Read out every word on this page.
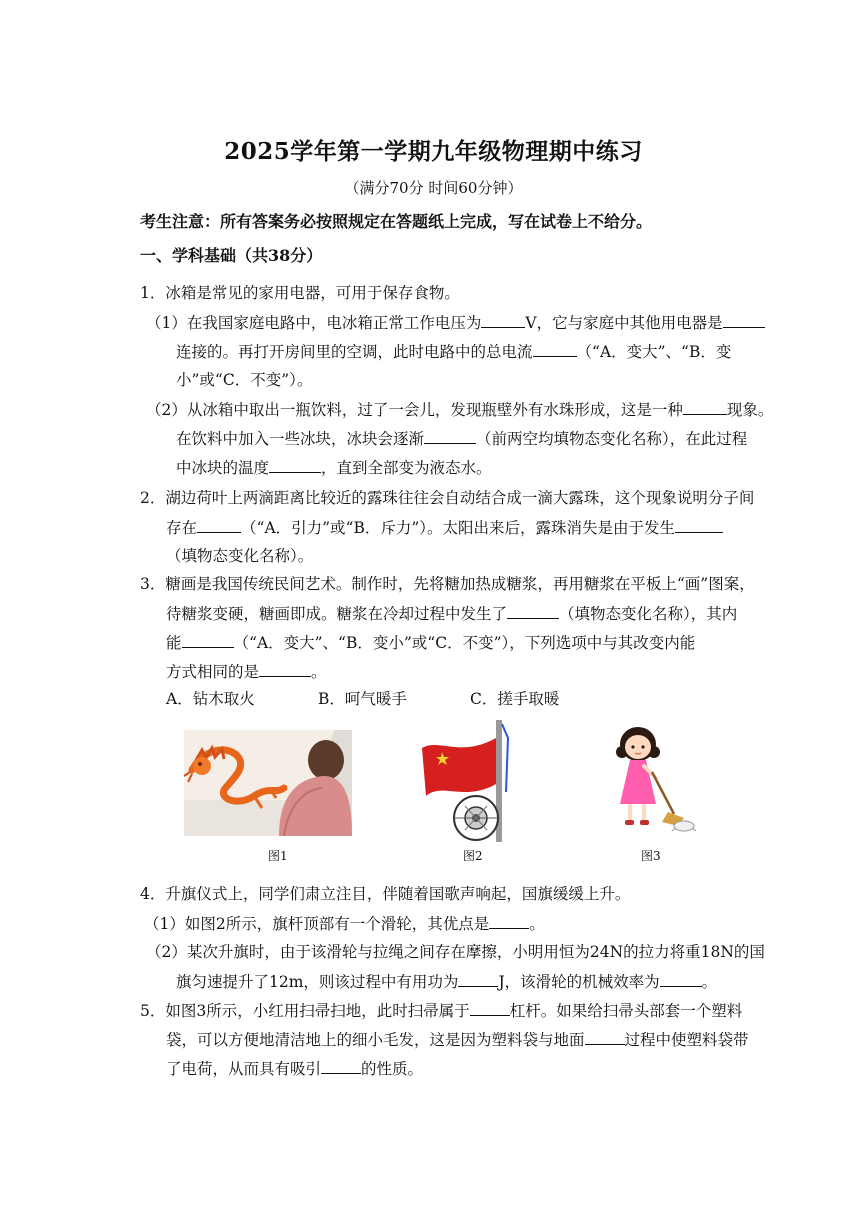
2025学年第一学期九年级物理期中练习
（满分70分 时间60分钟）
考生注意：所有答案务必按照规定在答题纸上完成，写在试卷上不给分。
一、学科基础（共38分）
1．冰箱是常见的家用电器，可用于保存食物。
（1）在我国家庭电路中，电冰箱正常工作电压为	V，它与家庭中其他用电器是
连接的。再打开房间里的空调，此时电路中的总电流	（“A．变大”、“B．变
小”或“C．不变”）。
（2）从冰箱中取出一瓶饮料，过了一会儿，发现瓶壁外有水珠形成，这是一种	现象。
在饮料中加入一些冰块，冰块会逐渐	（前两空均填物态变化名称），在此过程
中冰块的温度	，直到全部变为液态水。
2．湖边荷叶上两滴距离比较近的露珠往往会自动结合成一滴大露珠，这个现象说明分子间
存在	（“A．引力”或“B．斥力”）。太阳出来后，露珠消失是由于发生
（填物态变化名称）。
3．糖画是我国传统民间艺术。制作时，先将糖加热成糖浆，再用糖浆在平板上“画”图案，
待糖浆变硬，糖画即成。糖浆在冷却过程中发生了	（填物态变化名称），其内
能	（“A．变大”、“B．变小”或“C．不变”），下列选项中与其改变内能
方式相同的是	。
A．钻木取火	B．呵气暖手	C．搓手取暖
图1	图2	图3
4．升旗仪式上，同学们肃立注目，伴随着国歌声响起，国旗缓缓上升。
（1）如图2所示，旗杆顶部有一个滑轮，其优点是	。
（2）某次升旗时，由于该滑轮与拉绳之间存在摩擦，小明用恒为24N的拉力将重18N的国
旗匀速提升了12m，则该过程中有用功为	J，该滑轮的机械效率为	。
5．如图3所示，小红用扫帚扫地，此时扫帚属于	杠杆。如果给扫帚头部套一个塑料
袋，可以方便地清洁地上的细小毛发，这是因为塑料袋与地面	过程中使塑料袋带
了电荷，从而具有吸引	的性质。
